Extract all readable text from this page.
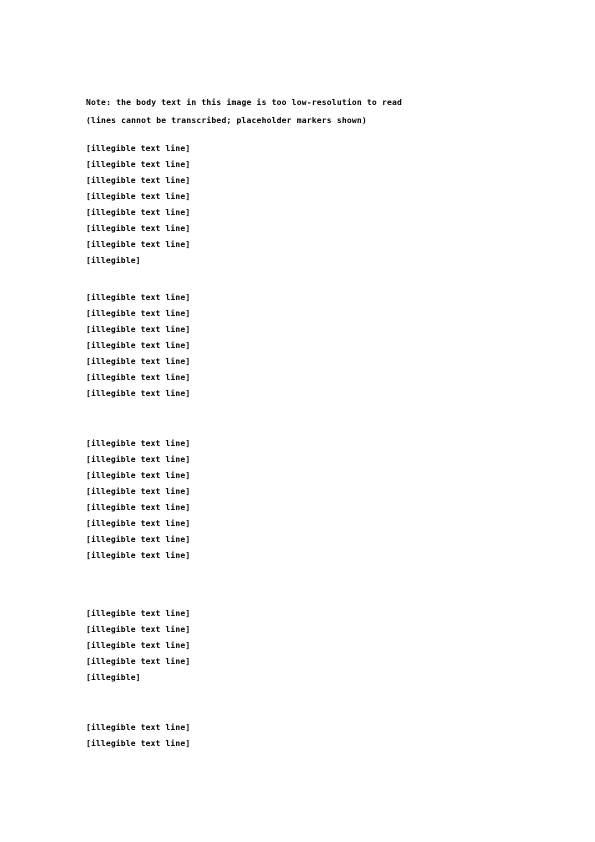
Note: the body text in this image is too low-resolution to read

(lines cannot be transcribed; placeholder markers shown)

[illegible text line]

[illegible text line]

[illegible text line]

[illegible text line]

[illegible text line]

[illegible text line]

[illegible text line]

[illegible]

[illegible text line]

[illegible text line]

[illegible text line]

[illegible text line]

[illegible text line]

[illegible text line]

[illegible text line]

[illegible text line]

[illegible text line]

[illegible text line]

[illegible text line]

[illegible text line]

[illegible text line]

[illegible text line]

[illegible text line]

[illegible text line]

[illegible text line]

[illegible text line]

[illegible text line]

[illegible]

[illegible text line]

[illegible text line]
